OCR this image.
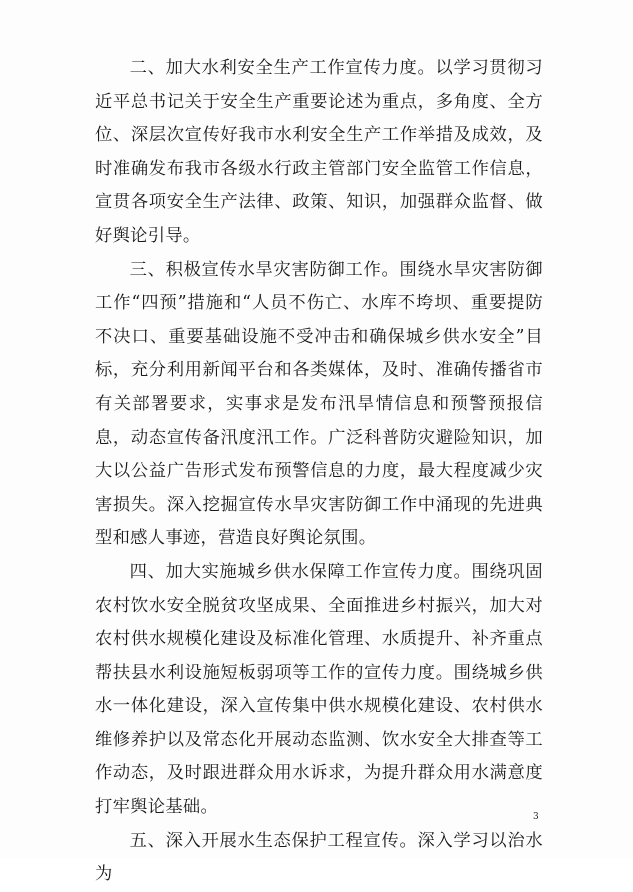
二、加大水利安全生产工作宣传力度。以学习贯彻习近平总书记关于安全生产重要论述为重点，多角度、全方位、深层次宣传好我市水利安全生产工作举措及成效，及时准确发布我市各级水行政主管部门安全监管工作信息，宣贯各项安全生产法律、政策、知识，加强群众监督、做好舆论引导。

三、积极宣传水旱灾害防御工作。围绕水旱灾害防御工作“四预”措施和“人员不伤亡、水库不垮坝、重要提防不决口、重要基础设施不受冲击和确保城乡供水安全”目标，充分利用新闻平台和各类媒体，及时、准确传播省市有关部署要求，实事求是发布汛旱情信息和预警预报信息，动态宣传备汛度汛工作。广泛科普防灾避险知识，加大以公益广告形式发布预警信息的力度，最大程度减少灾害损失。深入挖掘宣传水旱灾害防御工作中涌现的先进典型和感人事迹，营造良好舆论氛围。

四、加大实施城乡供水保障工作宣传力度。围绕巩固农村饮水安全脱贫攻坚成果、全面推进乡村振兴，加大对农村供水规模化建设及标准化管理、水质提升、补齐重点帮扶县水利设施短板弱项等工作的宣传力度。围绕城乡供水一体化建设，深入宣传集中供水规模化建设、农村供水维修养护以及常态化开展动态监测、饮水安全大排查等工作动态，及时跟进群众用水诉求，为提升群众用水满意度打牢舆论基础。

五、深入开展水生态保护工程宣传。深入学习以治水为

3
